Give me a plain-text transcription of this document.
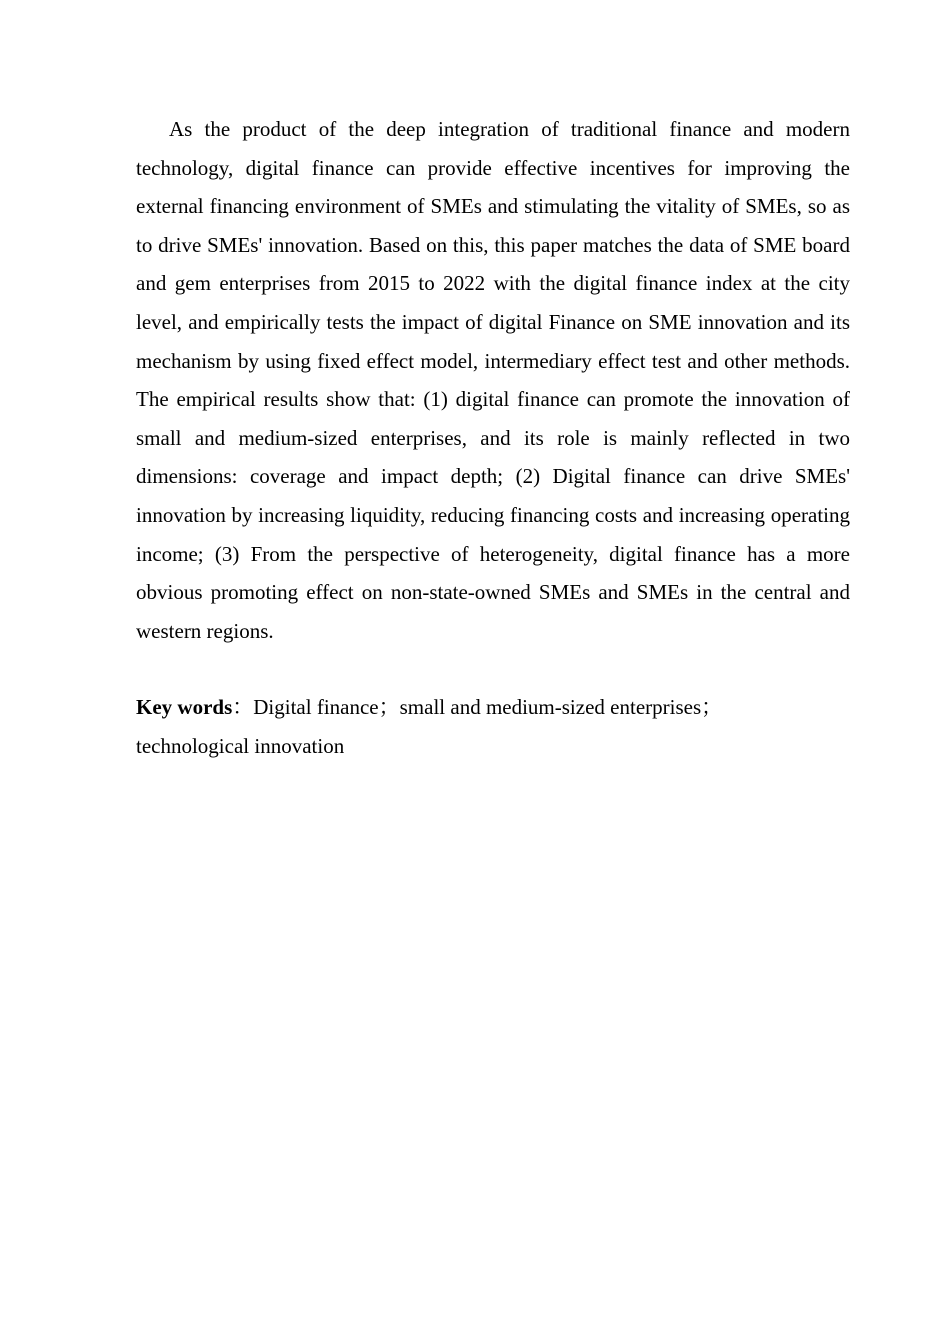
As the product of the deep integration of traditional finance and modern technology, digital finance can provide effective incentives for improving the external financing environment of SMEs and stimulating the vitality of SMEs, so as to drive SMEs' innovation. Based on this, this paper matches the data of SME board and gem enterprises from 2015 to 2022 with the digital finance index at the city level, and empirically tests the impact of digital Finance on SME innovation and its mechanism by using fixed effect model, intermediary effect test and other methods. The empirical results show that: (1) digital finance can promote the innovation of small and medium-sized enterprises, and its role is mainly reflected in two dimensions: coverage and impact depth; (2) Digital finance can drive SMEs' innovation by increasing liquidity, reducing financing costs and increasing operating income; (3) From the perspective of heterogeneity, digital finance has a more obvious promoting effect on non-state-owned SMEs and SMEs in the central and western regions.

Key words：Digital finance；small and medium-sized enterprises；
technological innovation
